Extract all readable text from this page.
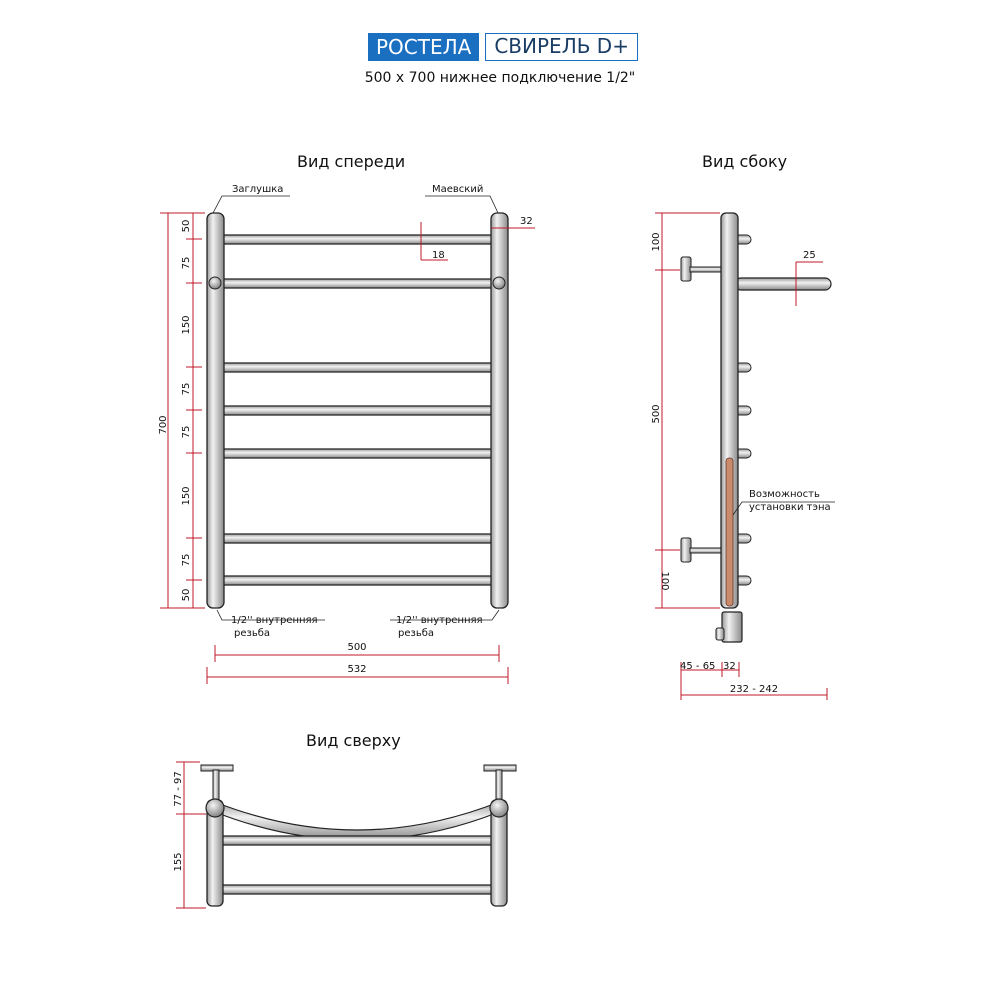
РОСТЕЛА	СВИРЕЛЬ D+
500 х 700 нижнее подключение 1/2"
Вид спереди	Вид сбоку
Вид сверху
Заглушка	Маевский
1/2'' внутренняя
резьба
1/2'' внутренняя
резьба
700
50
75
150
75
75
150
75
50
32
18
500
532
Возможность
установки тэна
100
500
100
25
45 - 65 32
232 - 242
77 - 97
155
